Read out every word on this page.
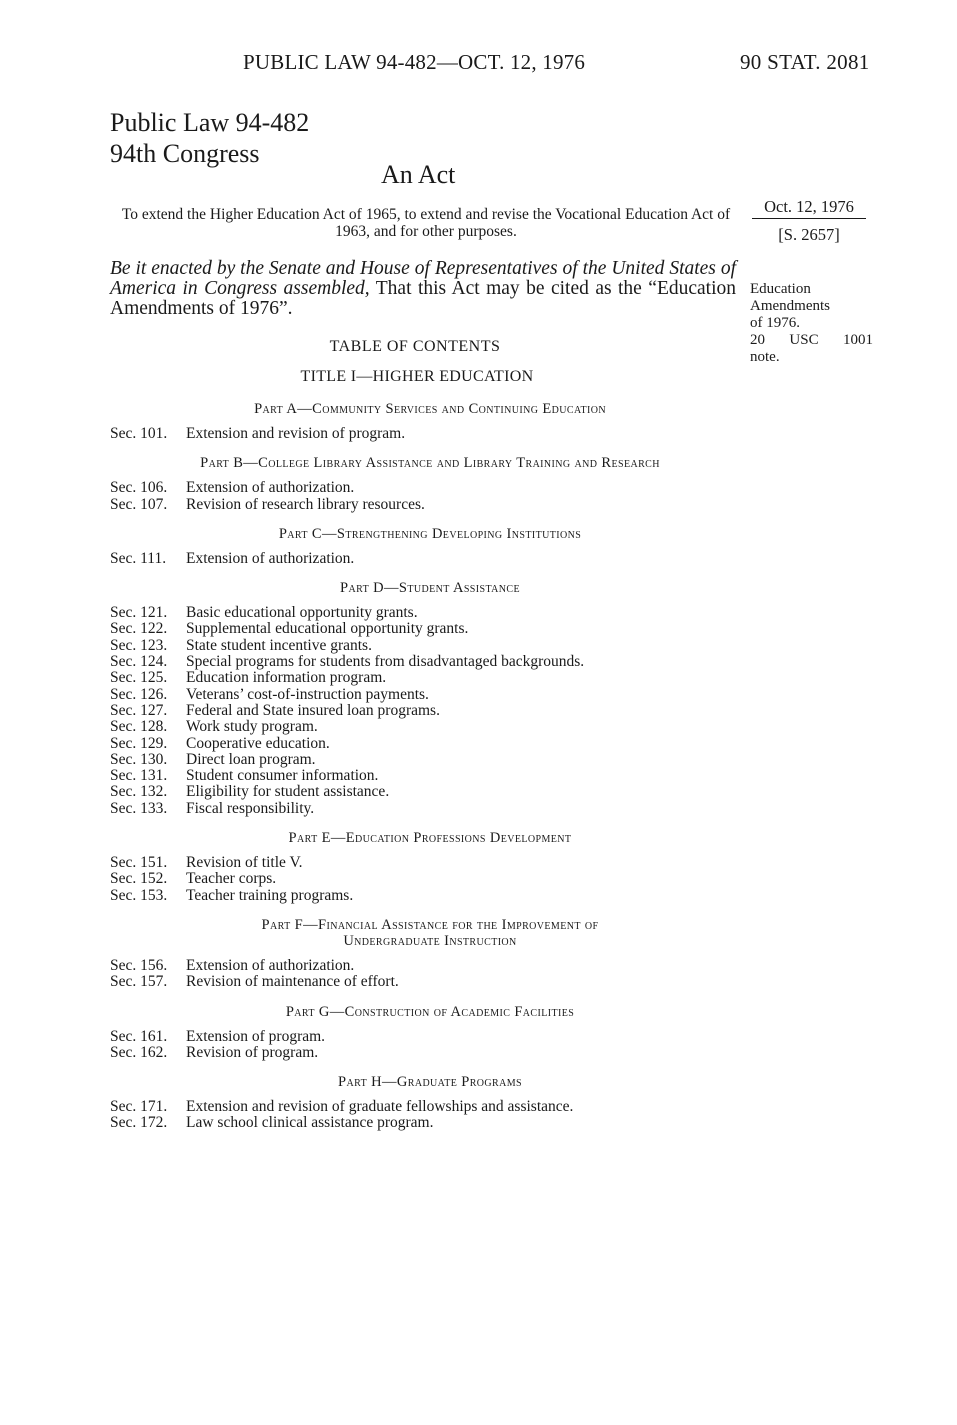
PUBLIC LAW 94-482—OCT. 12, 1976	90 STAT. 2081
Public Law 94-482
94th Congress
An Act
To extend the Higher Education Act of 1965, to extend and revise the Vocational Education Act of 1963, and for other purposes.
Oct. 12, 1976
[S. 2657]
Education
Amendments
of 1976.
20 USC 1001
note.
Be it enacted by the Senate and House of Representatives of the United States of America in Congress assembled, That this Act may be cited as the “Education Amendments of 1976”.
TABLE OF CONTENTS
TITLE I—HIGHER EDUCATION
Part A—Community Services and Continuing Education
Sec. 101.	Extension and revision of program.
Part B—College Library Assistance and Library Training and Research
Sec. 106.	Extension of authorization.
Sec. 107.	Revision of research library resources.
Part C—Strengthening Developing Institutions
Sec. 111.	Extension of authorization.
Part D—Student Assistance
Sec. 121.	Basic educational opportunity grants.
Sec. 122.	Supplemental educational opportunity grants.
Sec. 123.	State student incentive grants.
Sec. 124.	Special programs for students from disadvantaged backgrounds.
Sec. 125.	Education information program.
Sec. 126.	Veterans’ cost-of-instruction payments.
Sec. 127.	Federal and State insured loan programs.
Sec. 128.	Work study program.
Sec. 129.	Cooperative education.
Sec. 130.	Direct loan program.
Sec. 131.	Student consumer information.
Sec. 132.	Eligibility for student assistance.
Sec. 133.	Fiscal responsibility.
Part E—Education Professions Development
Sec. 151.	Revision of title V.
Sec. 152.	Teacher corps.
Sec. 153.	Teacher training programs.
Part F—Financial Assistance for the Improvement of
Undergraduate Instruction
Sec. 156.	Extension of authorization.
Sec. 157.	Revision of maintenance of effort.
Part G—Construction of Academic Facilities
Sec. 161.	Extension of program.
Sec. 162.	Revision of program.
Part H—Graduate Programs
Sec. 171.	Extension and revision of graduate fellowships and assistance.
Sec. 172.	Law school clinical assistance program.
